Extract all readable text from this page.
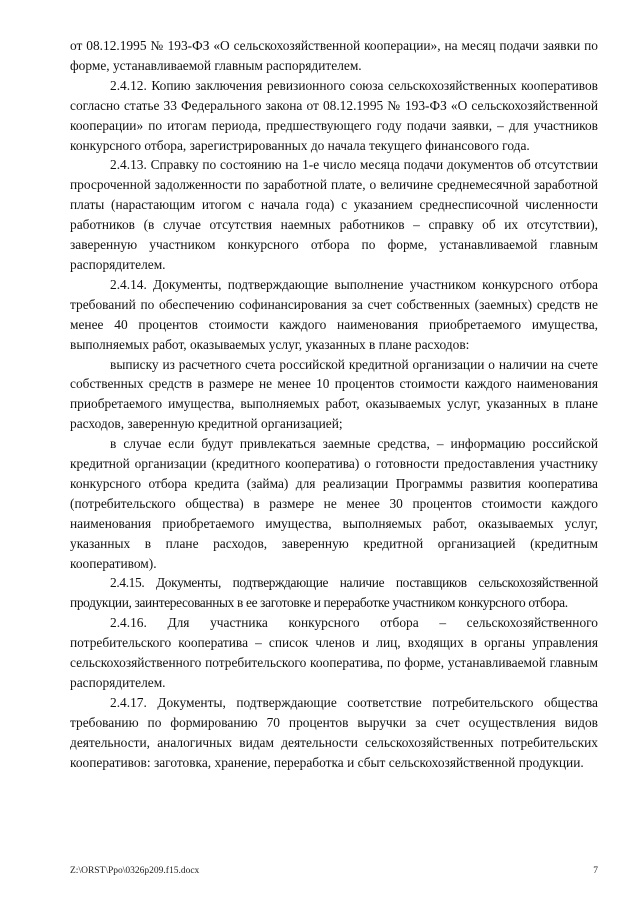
от 08.12.1995 № 193-ФЗ «О сельскохозяйственной кооперации», на месяц подачи заявки по форме, устанавливаемой главным распорядителем.

2.4.12. Копию заключения ревизионного союза сельскохозяйственных кооперативов согласно статье 33 Федерального закона от 08.12.1995 № 193-ФЗ «О сельскохозяйственной кооперации» по итогам периода, предшествующего году подачи заявки, – для участников конкурсного отбора, зарегистрированных до начала текущего финансового года.

2.4.13. Справку по состоянию на 1-е число месяца подачи документов об отсутствии просроченной задолженности по заработной плате, о величине среднемесячной заработной платы (нарастающим итогом с начала года) с указанием среднесписочной численности работников (в случае отсутствия наемных работников – справку об их отсутствии), заверенную участником конкурсного отбора по форме, устанавливаемой главным распорядителем.

2.4.14. Документы, подтверждающие выполнение участником конкурсного отбора требований по обеспечению софинансирования за счет собственных (заемных) средств не менее 40 процентов стоимости каждого наименования приобретаемого имущества, выполняемых работ, оказываемых услуг, указанных в плане расходов:

выписку из расчетного счета российской кредитной организации о наличии на счете собственных средств в размере не менее 10 процентов стоимости каждого наименования приобретаемого имущества, выполняемых работ, оказываемых услуг, указанных в плане расходов, заверенную кредитной организацией;

в случае если будут привлекаться заемные средства, – информацию российской кредитной организации (кредитного кооператива) о готовности предоставления участнику конкурсного отбора кредита (займа) для реализации Программы развития кооператива (потребительского общества) в размере не менее 30 процентов стоимости каждого наименования приобретаемого имущества, выполняемых работ, оказываемых услуг, указанных в плане расходов, заверенную кредитной организацией (кредитным кооперативом).

2.4.15. Документы, подтверждающие наличие поставщиков сельскохозяйственной продукции, заинтересованных в ее заготовке и переработке участником конкурсного отбора.

2.4.16. Для участника конкурсного отбора – сельскохозяйственного потребительского кооператива – список членов и лиц, входящих в органы управления сельскохозяйственного потребительского кооператива, по форме, устанавливаемой главным распорядителем.

2.4.17. Документы, подтверждающие соответствие потребительского общества требованию по формированию 70 процентов выручки за счет осуществления видов деятельности, аналогичных видам деятельности сельскохозяйственных потребительских кооперативов: заготовка, хранение, переработка и сбыт сельскохозяйственной продукции.

Z:\ORST\Ppo\0326p209.f15.docx	7
